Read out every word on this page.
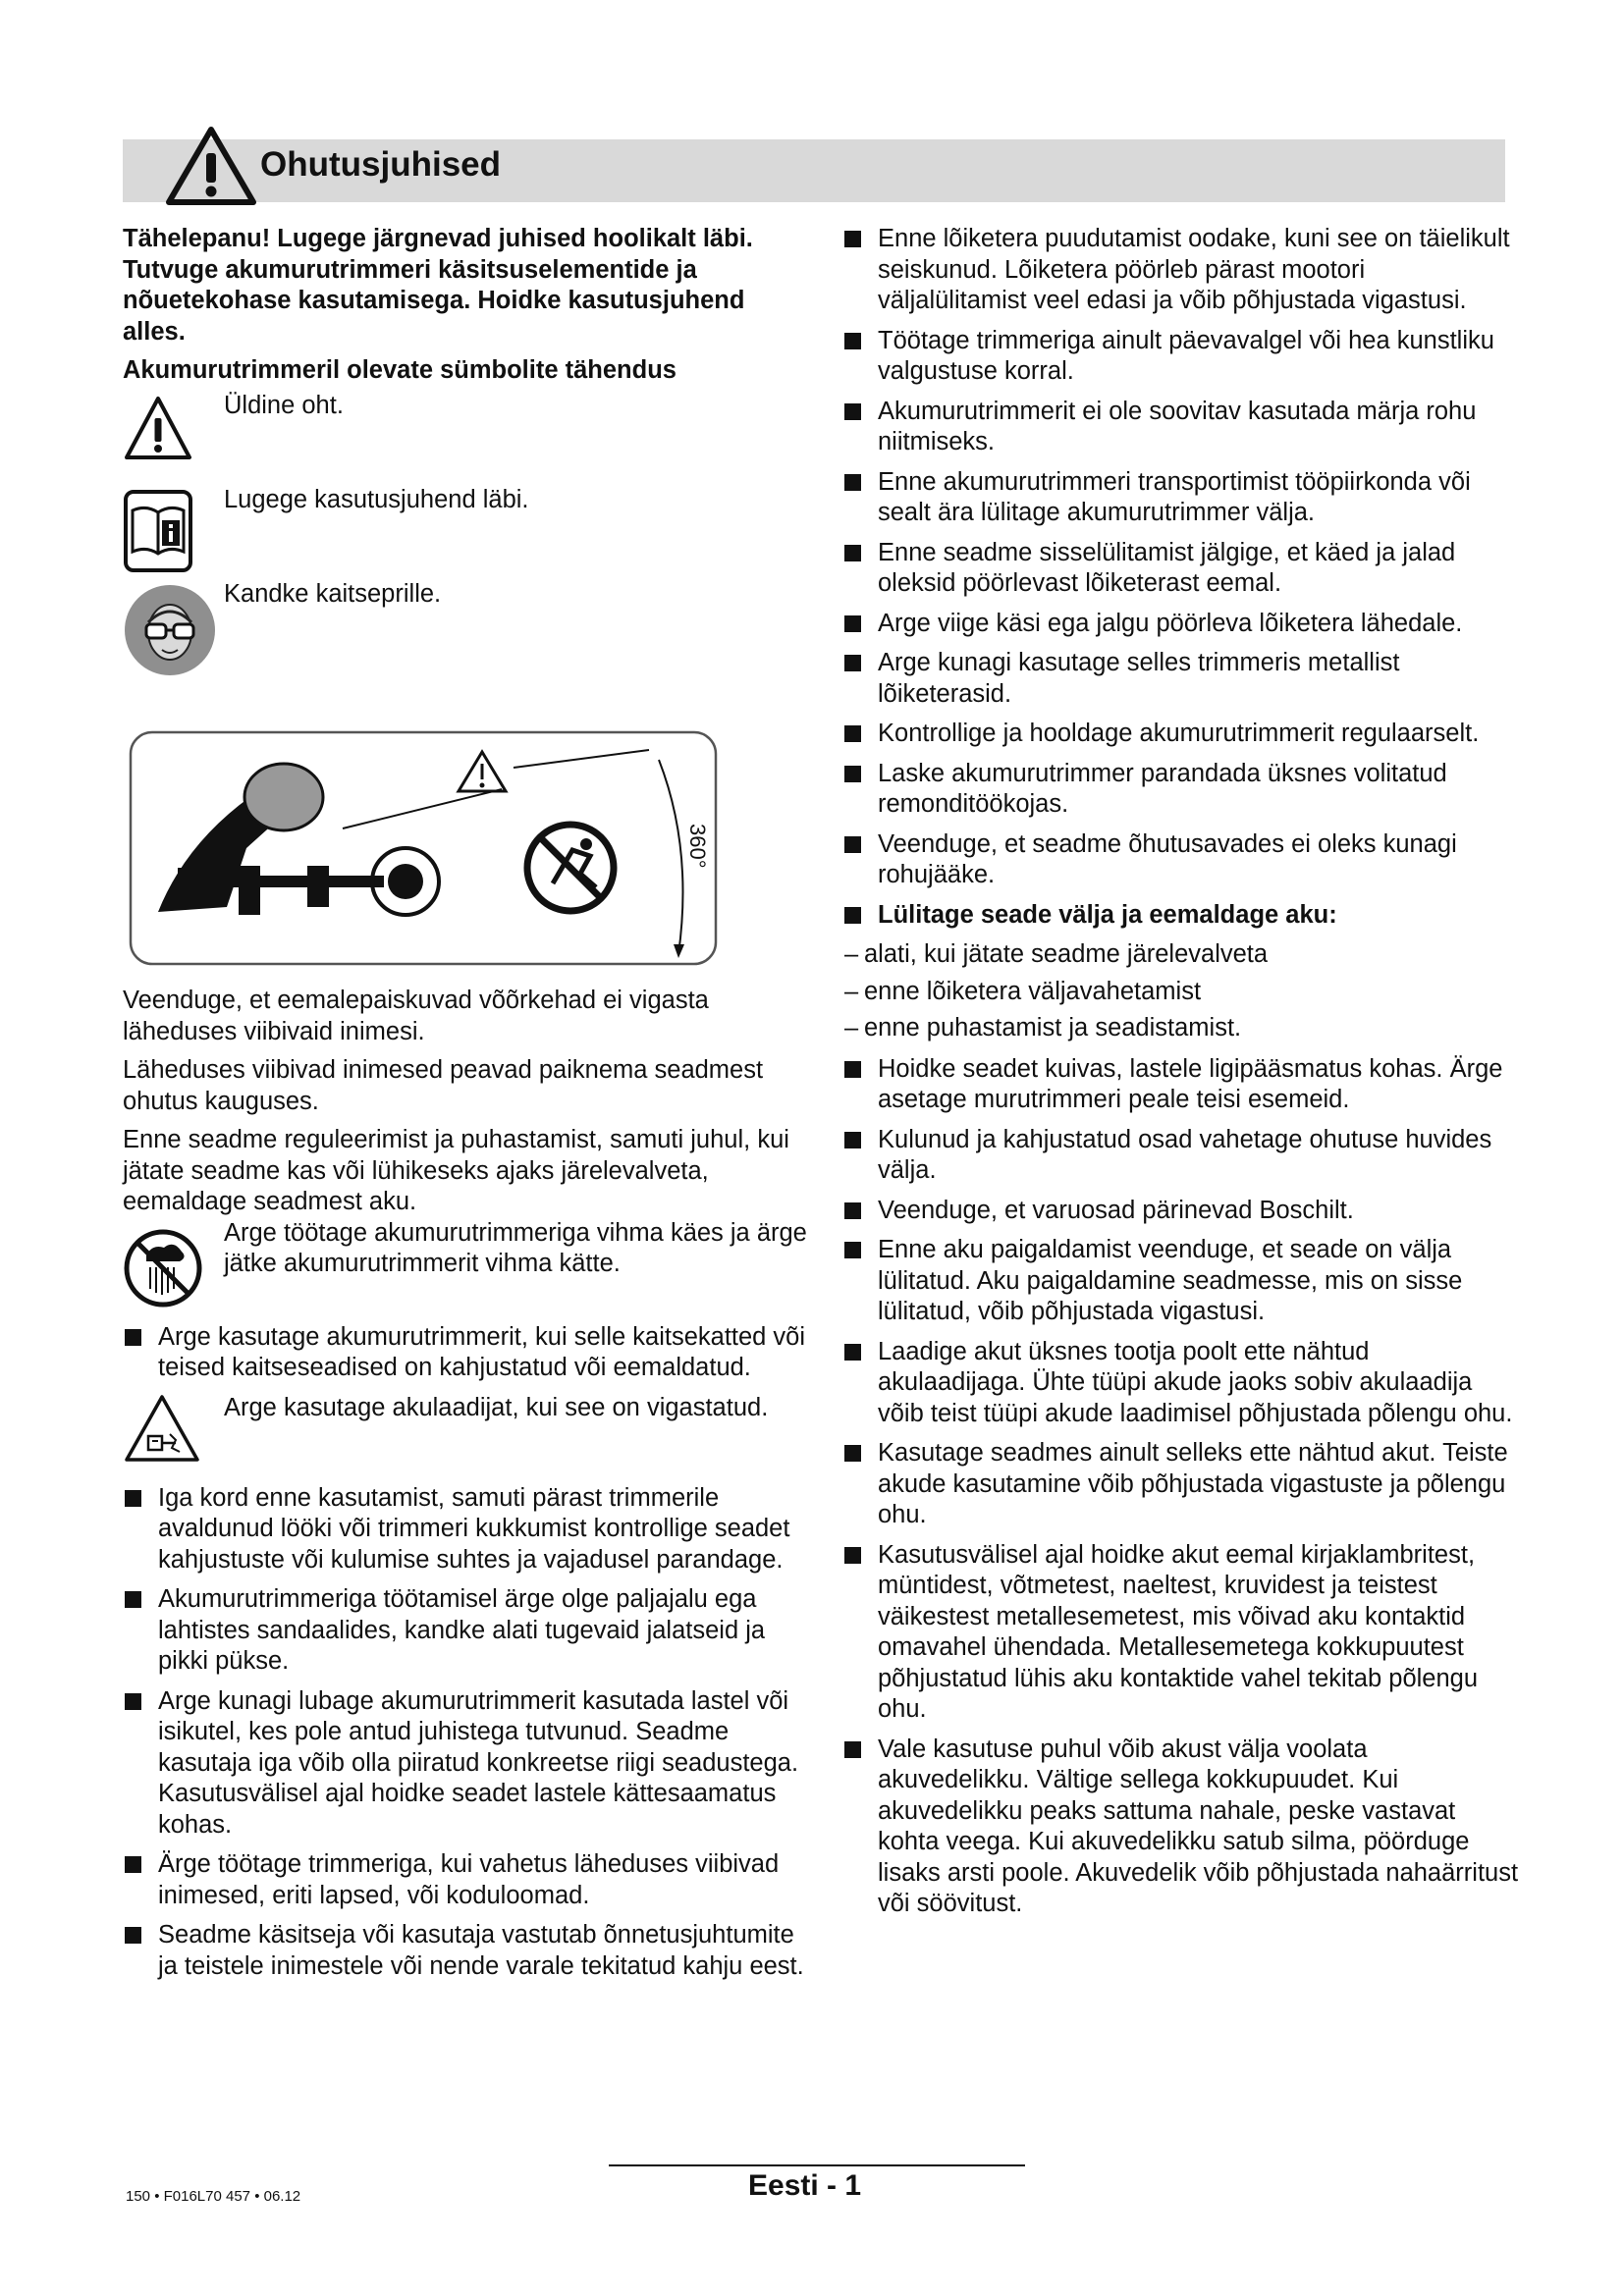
Ohutusjuhised
Tähelepanu! Lugege järgnevad juhised hoolikalt läbi. Tutvuge akumurutrimmeri käsitsuselementide ja nõuetekohase kasutamisega. Hoidke kasutusjuhend alles.
Akumurutrimmeril olevate sümbolite tähendus
Üldine oht.
Lugege kasutusjuhend läbi.
Kandke kaitseprille.
360°
Veenduge, et eemalepaiskuvad võõrkehad ei vigasta läheduses viibivaid inimesi.
Läheduses viibivad inimesed peavad paiknema seadmest ohutus kauguses.
Enne seadme reguleerimist ja puhastamist, samuti juhul, kui jätate seadme kas või lühikeseks ajaks järelevalveta, eemaldage seadmest aku.
Arge töötage akumurutrimmeriga vihma käes ja ärge jätke akumurutrimmerit vihma kätte.
Arge kasutage akumurutrimmerit, kui selle kaitsekatted või teised kaitseseadised on kahjustatud või eemaldatud.
Arge kasutage akulaadijat, kui see on vigastatud.
Iga kord enne kasutamist, samuti pärast trimmerile avaldunud lööki või trimmeri kukkumist kontrollige seadet kahjustuste või kulumise suhtes ja vajadusel parandage.
Akumurutrimmeriga töötamisel ärge olge paljajalu ega lahtistes sandaalides, kandke alati tugevaid jalatseid ja pikki pükse.
Arge kunagi lubage akumurutrimmerit kasutada lastel või isikutel, kes pole antud juhistega tutvunud. Seadme kasutaja iga võib olla piiratud konkreetse riigi seadustega. Kasutusvälisel ajal hoidke seadet lastele kättesaamatus kohas.
Ärge töötage trimmeriga, kui vahetus läheduses viibivad inimesed, eriti lapsed, või koduloomad.
Seadme käsitseja või kasutaja vastutab õnnetusjuhtumite ja teistele inimestele või nende varale tekitatud kahju eest.
Enne lõiketera puudutamist oodake, kuni see on täielikult seiskunud. Lõiketera pöörleb pärast mootori väljalülitamist veel edasi ja võib põhjustada vigastusi.
Töötage trimmeriga ainult päevavalgel või hea kunstliku valgustuse korral.
Akumurutrimmerit ei ole soovitav kasutada märja rohu niitmiseks.
Enne akumurutrimmeri transportimist tööpiirkonda või sealt ära lülitage akumurutrimmer välja.
Enne seadme sisselülitamist jälgige, et käed ja jalad oleksid pöörlevast lõiketerast eemal.
Arge viige käsi ega jalgu pöörleva lõiketera lähedale.
Arge kunagi kasutage selles trimmeris metallist lõiketerasid.
Kontrollige ja hooldage akumurutrimmerit regulaarselt.
Laske akumurutrimmer parandada üksnes volitatud remonditöökojas.
Veenduge, et seadme õhutusavades ei oleks kunagi rohujääke.
Lülitage seade välja ja eemaldage aku:
– alati, kui jätate seadme järelevalveta
– enne lõiketera väljavahetamist
– enne puhastamist ja seadistamist.
Hoidke seadet kuivas, lastele ligipääsmatus kohas. Ärge asetage murutrimmeri peale teisi esemeid.
Kulunud ja kahjustatud osad vahetage ohutuse huvides välja.
Veenduge, et varuosad pärinevad Boschilt.
Enne aku paigaldamist veenduge, et seade on välja lülitatud. Aku paigaldamine seadmesse, mis on sisse lülitatud, võib põhjustada vigastusi.
Laadige akut üksnes tootja poolt ette nähtud akulaadijaga. Ühte tüüpi akude jaoks sobiv akulaadija võib teist tüüpi akude laadimisel põhjustada põlengu ohu.
Kasutage seadmes ainult selleks ette nähtud akut. Teiste akude kasutamine võib põhjustada vigastuste ja põlengu ohu.
Kasutusvälisel ajal hoidke akut eemal kirjaklambritest, müntidest, võtmetest, naeltest, kruvidest ja teistest väikestest metallesemetest, mis võivad aku kontaktid omavahel ühendada. Metallesemetega kokkupuutest põhjustatud lühis aku kontaktide vahel tekitab põlengu ohu.
Vale kasutuse puhul võib akust välja voolata akuvedelikku. Vältige sellega kokkupuudet. Kui akuvedelikku peaks sattuma nahale, peske vastavat kohta veega. Kui akuvedelikku satub silma, pöörduge lisaks arsti poole. Akuvedelik võib põhjustada nahaärritust või söövitust.
150 • F016L70 457 • 06.12	Eesti - 1
